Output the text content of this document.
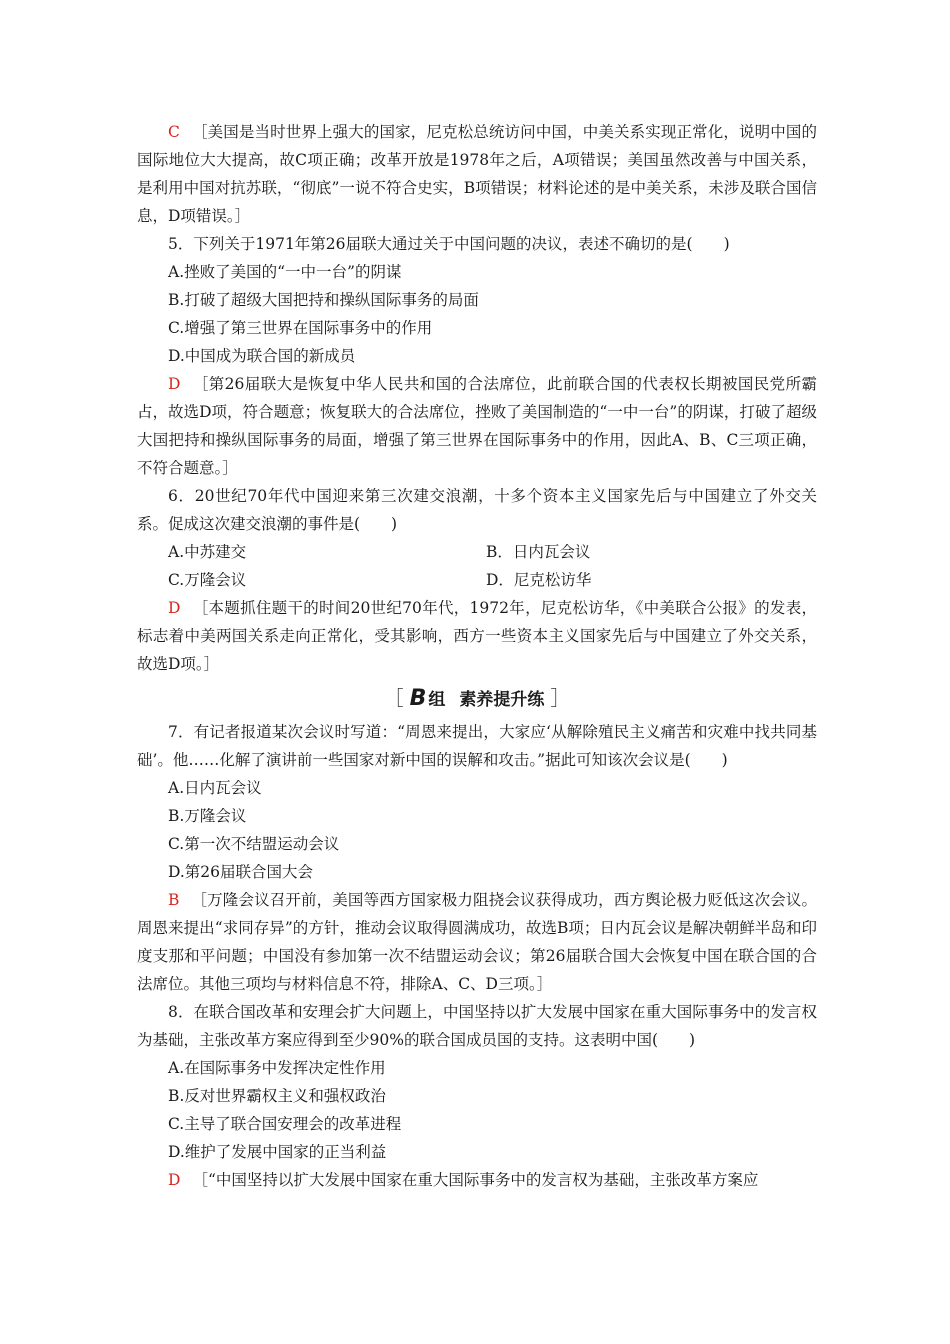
C ［美国是当时世界上强大的国家，尼克松总统访问中国，中美关系实现正常化，说明中国的国际地位大大提高，故C项正确；改革开放是1978年之后，A项错误；美国虽然改善与中国关系，是利用中国对抗苏联，“彻底”一说不符合史实，B项错误；材料论述的是中美关系，未涉及联合国信息，D项错误。］

5．下列关于1971年第26届联大通过关于中国问题的决议，表述不确切的是(　　)

A.挫败了美国的“一中一台”的阴谋

B.打破了超级大国把持和操纵国际事务的局面

C.增强了第三世界在国际事务中的作用

D.中国成为联合国的新成员

D ［第26届联大是恢复中华人民共和国的合法席位，此前联合国的代表权长期被国民党所霸占，故选D项，符合题意；恢复联大的合法席位，挫败了美国制造的“一中一台”的阴谋，打破了超级大国把持和操纵国际事务的局面，增强了第三世界在国际事务中的作用，因此A、B、C三项正确，不符合题意。］

6．20世纪70年代中国迎来第三次建交浪潮，十多个资本主义国家先后与中国建立了外交关系。促成这次建交浪潮的事件是(　　)

A.中苏建交	B．日内瓦会议
C.万隆会议	D．尼克松访华

D ［本题抓住题干的时间20世纪70年代，1972年，尼克松访华，《中美联合公报》的发表，标志着中美两国关系走向正常化，受其影响，西方一些资本主义国家先后与中国建立了外交关系，故选D项。］

［ B 组 素养提升练 ］

7．有记者报道某次会议时写道：“周恩来提出，大家应‘从解除殖民主义痛苦和灾难中找共同基础’。他……化解了演讲前一些国家对新中国的误解和攻击。”据此可知该次会议是(　　)

A.日内瓦会议

B.万隆会议

C.第一次不结盟运动会议

D.第26届联合国大会

B ［万隆会议召开前，美国等西方国家极力阻挠会议获得成功，西方舆论极力贬低这次会议。周恩来提出“求同存异”的方针，推动会议取得圆满成功，故选B项；日内瓦会议是解决朝鲜半岛和印度支那和平问题；中国没有参加第一次不结盟运动会议；第26届联合国大会恢复中国在联合国的合法席位。其他三项均与材料信息不符，排除A、C、D三项。］

8．在联合国改革和安理会扩大问题上，中国坚持以扩大发展中国家在重大国际事务中的发言权为基础，主张改革方案应得到至少90%的联合国成员国的支持。这表明中国(　　)

A.在国际事务中发挥决定性作用

B.反对世界霸权主义和强权政治

C.主导了联合国安理会的改革进程

D.维护了发展中国家的正当利益

D ［“中国坚持以扩大发展中国家在重大国际事务中的发言权为基础，主张改革方案应
